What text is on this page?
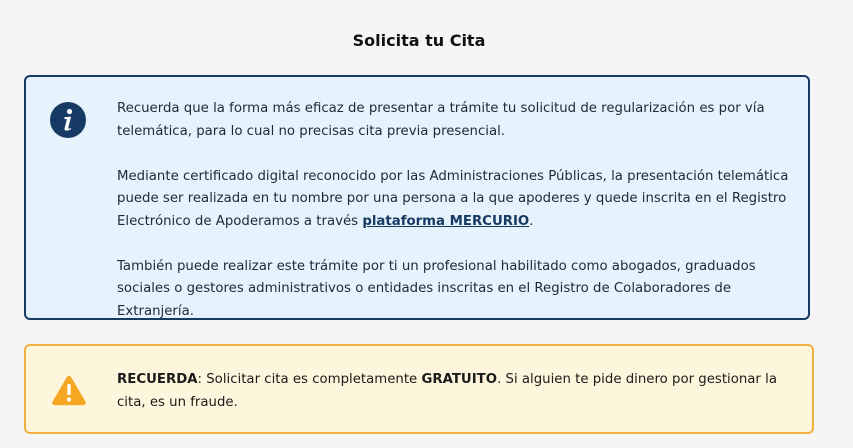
Solicita tu Cita

Recuerda que la forma más eficaz de presentar a trámite tu solicitud de regularización es por vía telemática, para lo cual no precisas cita previa presencial.

Mediante certificado digital reconocido por las Administraciones Públicas, la presentación telemática puede ser realizada en tu nombre por una persona a la que apoderes y quede inscrita en el Registro Electrónico de Apoderamos a través plataforma MERCURIO.

También puede realizar este trámite por ti un profesional habilitado como abogados, graduados sociales o gestores administrativos o entidades inscritas en el Registro de Colaboradores de Extranjería.

RECUERDA: Solicitar cita es completamente GRATUITO. Si alguien te pide dinero por gestionar la cita, es un fraude.
